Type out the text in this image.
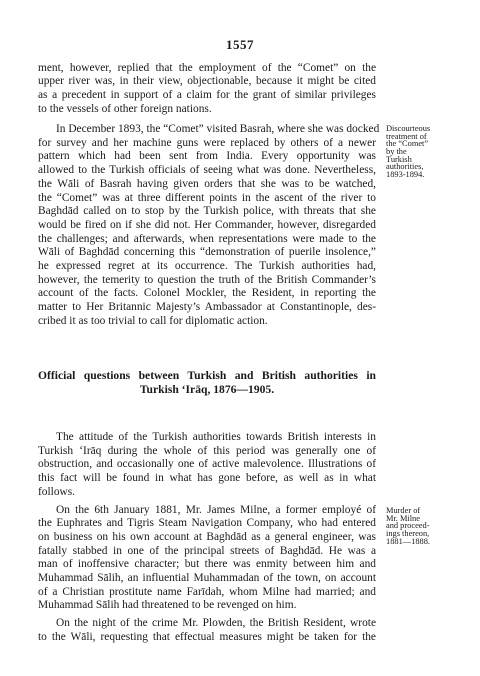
1557
ment, however, replied that the employment of the “Comet” on the
upper river was, in their view, objectionable, because it might be cited
as a precedent in support of a claim for the grant of similar privileges
to the vessels of other foreign nations.
In December 1893, the “Comet” visited Basrah, where she was docked
for survey and her machine guns were replaced by others of a newer
pattern which had been sent from India. Every opportunity was
allowed to the Turkish officials of seeing what was done. Nevertheless,
the Wāli of Basrah having given orders that she was to be watched,
the “Comet” was at three different points in the ascent of the river to
Baghdād called on to stop by the Turkish police, with threats that she
would be fired on if she did not. Her Commander, however, disregarded
the challenges; and afterwards, when representations were made to the
Wāli of Baghdād concerning this “demonstration of puerile insolence,”
he expressed regret at its occurrence. The Turkish authorities had,
however, the temerity to question the truth of the British Commander’s
account of the facts. Colonel Mockler, the Resident, in reporting the
matter to Her Britannic Majesty’s Ambassador at Constantinople, des-
cribed it as too trivial to call for diplomatic action.
Discourteous
treatment of
the “Comet”
by the
Turkish
authorities,
1893-1894.
Official questions between Turkish and British authorities in
Turkish ‘Irāq, 1876—1905.
The attitude of the Turkish authorities towards British interests in
Turkish ‘Irāq during the whole of this period was generally one of
obstruction, and occasionally one of active malevolence. Illustrations of
this fact will be found in what has gone before, as well as in what
follows.
On the 6th January 1881, Mr. James Milne, a former employé of
the Euphrates and Tigris Steam Navigation Company, who had entered
on business on his own account at Baghdād as a general engineer, was
fatally stabbed in one of the principal streets of Baghdād. He was a
man of inoffensive character; but there was enmity between him and
Muhammad Sālih, an influential Muhammadan of the town, on account
of a Christian prostitute name Farīdah, whom Milne had married; and
Muhammad Sālih had threatened to be revenged on him.
Murder of
Mr. Milne
and proceed-
ings thereon,
1881—1888.
On the night of the crime Mr. Plowden, the British Resident, wrote
to the Wāli, requesting that effectual measures might be taken for the
